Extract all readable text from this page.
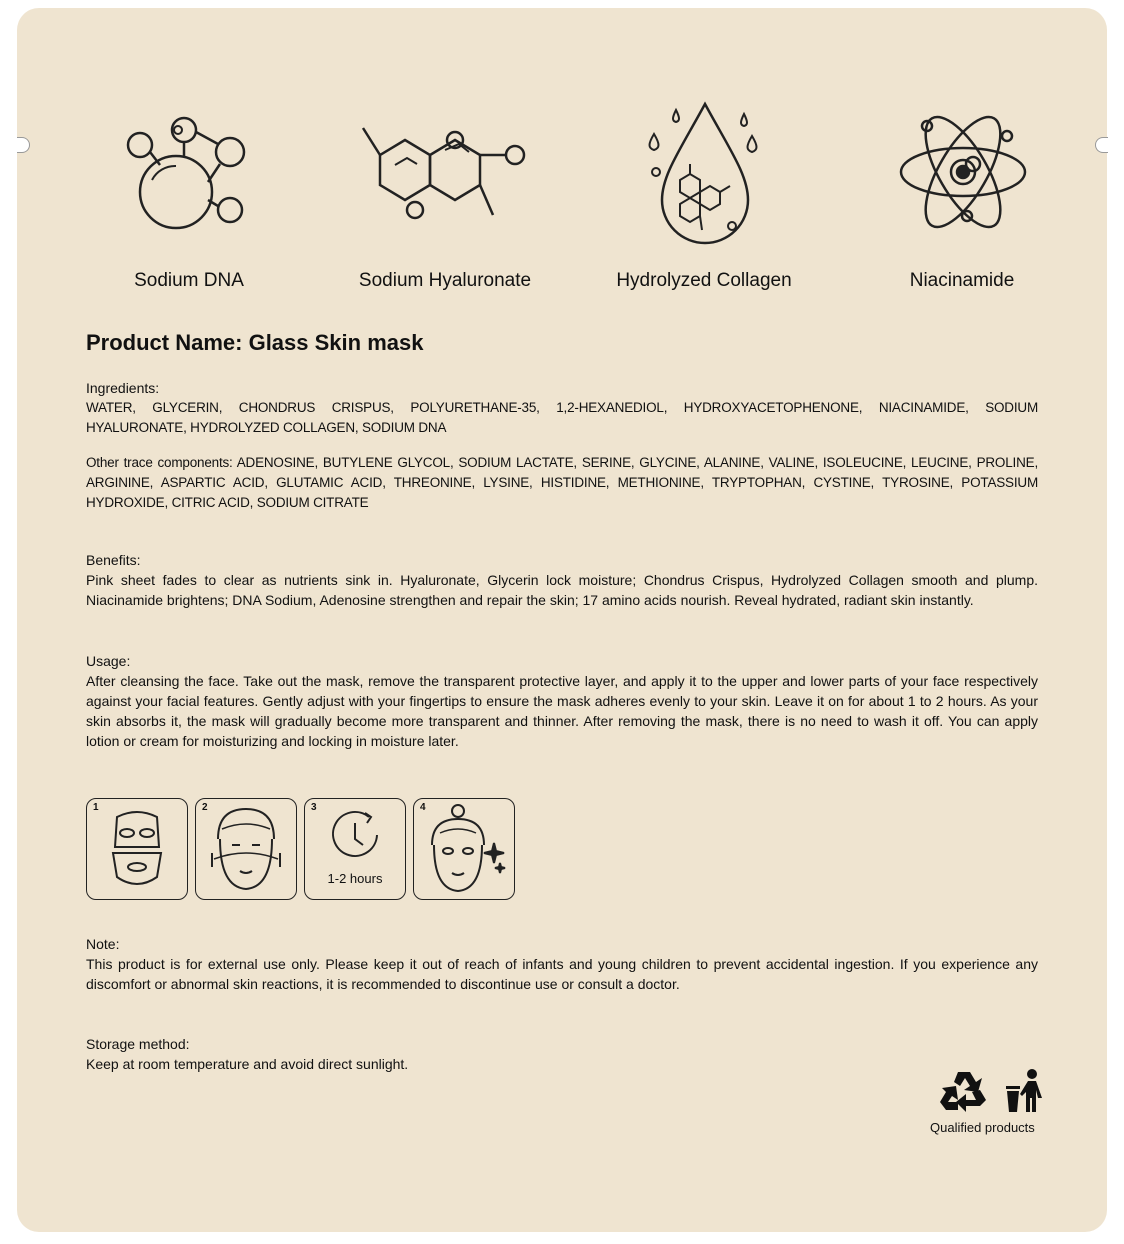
Sodium DNA	Sodium Hyaluronate	Hydrolyzed Collagen	Niacinamide
Product Name: Glass Skin mask
Ingredients:
WATER, GLYCERIN, CHONDRUS CRISPUS, POLYURETHANE-35, 1,2-HEXANEDIOL, HYDROXYACETOPHENONE, NIACINAMIDE, SODIUM HYALURONATE, HYDROLYZED COLLAGEN, SODIUM DNA
Other trace components: ADENOSINE, BUTYLENE GLYCOL, SODIUM LACTATE, SERINE, GLYCINE, ALANINE, VALINE, ISOLEUCINE, LEUCINE, PROLINE, ARGININE, ASPARTIC ACID, GLUTAMIC ACID, THREONINE, LYSINE, HISTIDINE, METHIONINE, TRYPTOPHAN, CYSTINE, TYROSINE, POTASSIUM HYDROXIDE, CITRIC ACID, SODIUM CITRATE
Benefits:
Pink sheet fades to clear as nutrients sink in. Hyaluronate, Glycerin lock moisture; Chondrus Crispus, Hydrolyzed Collagen smooth and plump. Niacinamide brightens; DNA Sodium, Adenosine strengthen and repair the skin; 17 amino acids nourish. Reveal hydrated, radiant skin instantly.
Usage:
After cleansing the face. Take out the mask, remove the transparent protective layer, and apply it to the upper and lower parts of your face respectively against your facial features. Gently adjust with your fingertips to ensure the mask adheres evenly to your skin. Leave it on for about 1 to 2 hours. As your skin absorbs it, the mask will gradually become more transparent and thinner. After removing the mask, there is no need to wash it off. You can apply lotion or cream for moisturizing and locking in moisture later.
1	2	3
1-2 hours
4
Note:
This product is for external use only. Please keep it out of reach of infants and young children to prevent accidental ingestion. If you experience any discomfort or abnormal skin reactions, it is recommended to discontinue use or consult a doctor.
Storage method:
Keep at room temperature and avoid direct sunlight.
Qualified products
